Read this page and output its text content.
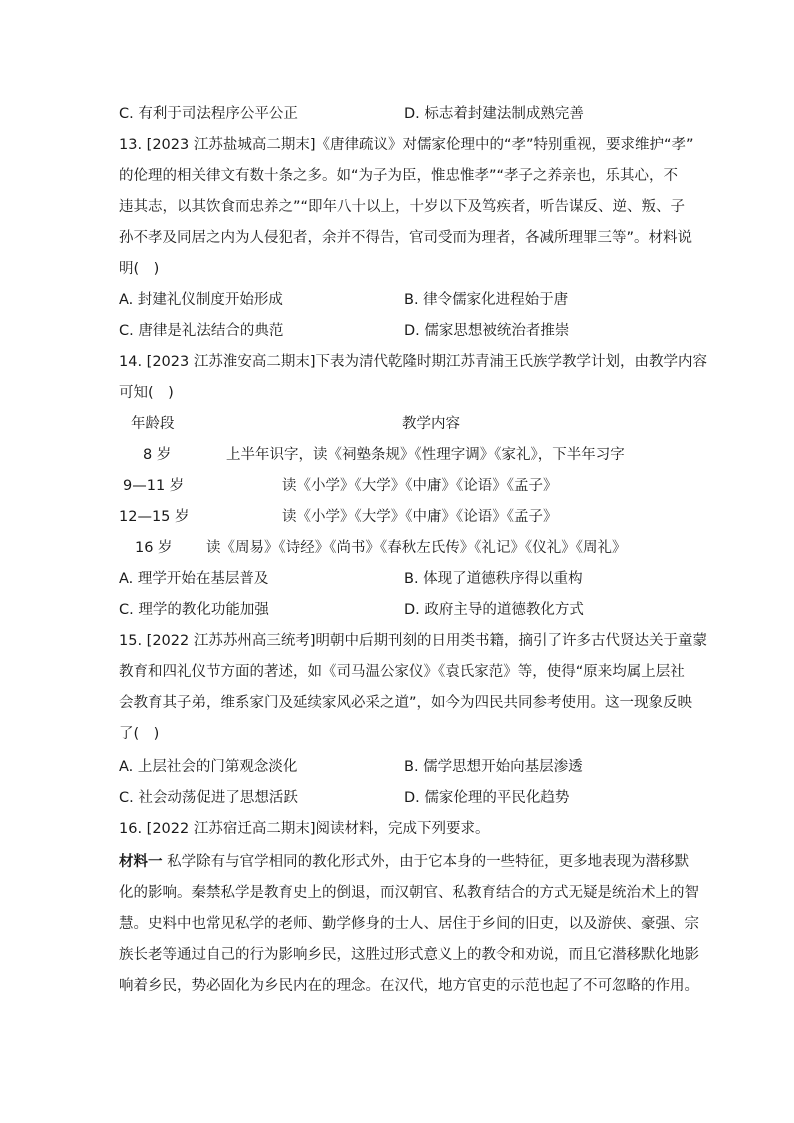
C. 有利于司法程序公平公正	D. 标志着封建法制成熟完善
13. [2023 江苏盐城高二期末]《唐律疏议》对儒家伦理中的“孝”特别重视，要求维护“孝”
的伦理的相关律文有数十条之多。如“为子为臣，惟忠惟孝”“孝子之养亲也，乐其心，不
违其志，以其饮食而忠养之”“即年八十以上，十岁以下及笃疾者，听告谋反、逆、叛、子
孙不孝及同居之内为人侵犯者，余并不得告，官司受而为理者，各减所理罪三等”。材料说
明(　)
A. 封建礼仪制度开始形成	B. 律令儒家化进程始于唐
C. 唐律是礼法结合的典范	D. 儒家思想被统治者推崇
14. [2023 江苏淮安高二期末]下表为清代乾隆时期江苏青浦王氏族学教学计划，由教学内容
可知(　)
年龄段	教学内容
8 岁	上半年识字，读《祠塾条规》《性理字调》《家礼》，下半年习字
9—11 岁	读《小学》《大学》《中庸》《论语》《孟子》
12—15 岁	读《小学》《大学》《中庸》《论语》《孟子》
16 岁 读《周易》《诗经》《尚书》《春秋左氏传》《礼记》《仪礼》《周礼》
A. 理学开始在基层普及	B. 体现了道德秩序得以重构
C. 理学的教化功能加强	D. 政府主导的道德教化方式
15. [2022 江苏苏州高三统考]明朝中后期刊刻的日用类书籍，摘引了许多古代贤达关于童蒙
教育和四礼仪节方面的著述，如《司马温公家仪》《袁氏家范》等，使得“原来均属上层社
会教育其子弟，维系家门及延续家风必采之道”，如今为四民共同参考使用。这一现象反映
了(　)
A. 上层社会的门第观念淡化	B. 儒学思想开始向基层渗透
C. 社会动荡促进了思想活跃	D. 儒家伦理的平民化趋势
16. [2022 江苏宿迁高二期末]阅读材料，完成下列要求。
材料一 私学除有与官学相同的教化形式外，由于它本身的一些特征，更多地表现为潜移默
化的影响。秦禁私学是教育史上的倒退，而汉朝官、私教育结合的方式无疑是统治术上的智
慧。史料中也常见私学的老师、勤学修身的士人、居住于乡间的旧吏，以及游侠、豪强、宗
族长老等通过自己的行为影响乡民，这胜过形式意义上的教令和劝说，而且它潜移默化地影
响着乡民，势必固化为乡民内在的理念。在汉代，地方官吏的示范也起了不可忽略的作用。
